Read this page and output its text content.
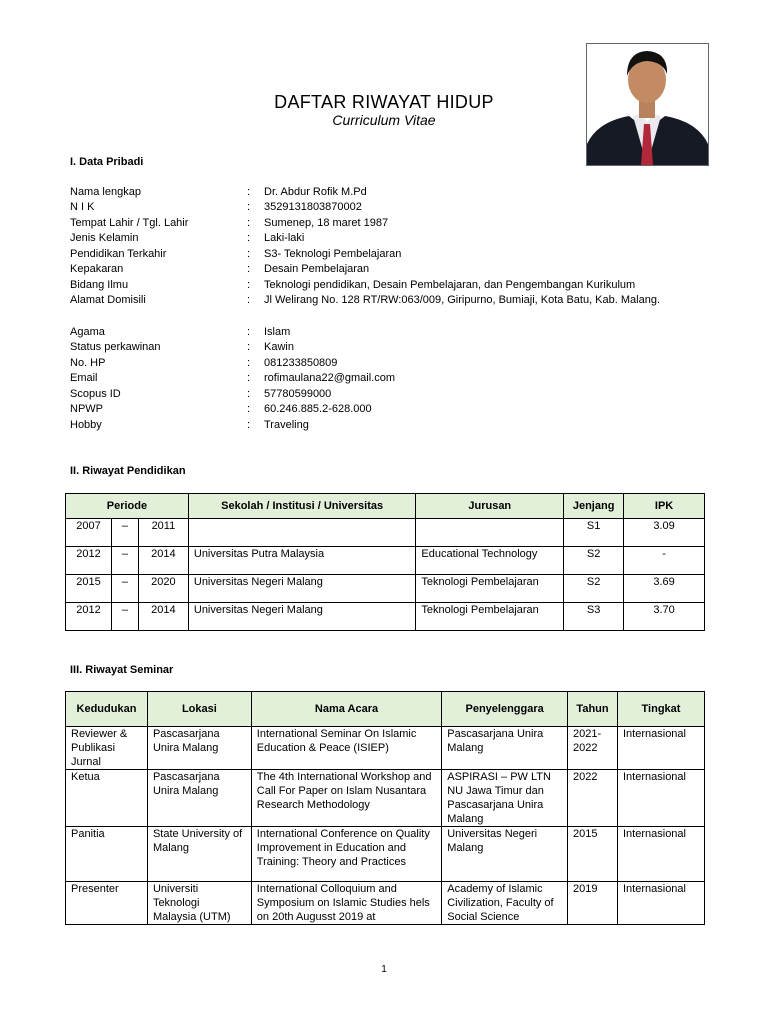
DAFTAR RIWAYAT HIDUP
Curriculum Vitae
I. Data Pribadi
Nama lengkap	: Dr. Abdur Rofik M.Pd
N I K	: 3529131803870002
Tempat Lahir / Tgl. Lahir	: Sumenep, 18 maret 1987
Jenis Kelamin	: Laki-laki
Pendidikan Terkahir	: S3- Teknologi Pembelajaran
Kepakaran	: Desain Pembelajaran
Bidang Ilmu	: Teknologi pendidikan, Desain Pembelajaran, dan Pengembangan Kurikulum
Alamat Domisili	: Jl Welirang No. 128 RT/RW:063/009, Giripurno, Bumiaji, Kota Batu, Kab. Malang.
Agama	: Islam
Status perkawinan	: Kawin
No. HP	: 081233850809
Email	: rofimaulana22@gmail.com
Scopus ID	: 57780599000
NPWP	: 60.246.885.2-628.000
Hobby	: Traveling
II. Riwayat Pendidikan
Periode			Sekolah / Institusi / Universitas	Jurusan	Jenjang	IPK
2007	–	2011			S1	3.09
2012	–	2014	Universitas Putra Malaysia	Educational Technology	S2	-
2015	–	2020	Universitas Negeri Malang	Teknologi Pembelajaran	S2	3.69
2012	–	2014	Universitas Negeri Malang	Teknologi Pembelajaran	S3	3.70
III. Riwayat Seminar
Kedudukan	Lokasi	Nama Acara	Penyelenggara	Tahun	Tingkat
Reviewer & Publikasi Jurnal	Pascasarjana Unira Malang	International Seminar On Islamic Education & Peace (ISIEP)	Pascasarjana Unira Malang	2021-2022	Internasional
Ketua	Pascasarjana Unira Malang	The 4th International Workshop and Call For Paper on Islam Nusantara Research Methodology	ASPIRASI – PW LTN NU Jawa Timur dan Pascasarjana Unira Malang	2022	Internasional
Panitia	State University of Malang	International Conference on Quality Improvement in Education and Training: Theory and Practices	Universitas Negeri Malang	2015	Internasional
Presenter	Universiti Teknologi Malaysia (UTM)	International Colloquium and Symposium on Islamic Studies hels on 20th Augusst 2019 at	Academy of Islamic Civilization, Faculty of Social Science	2019	Internasional
1
